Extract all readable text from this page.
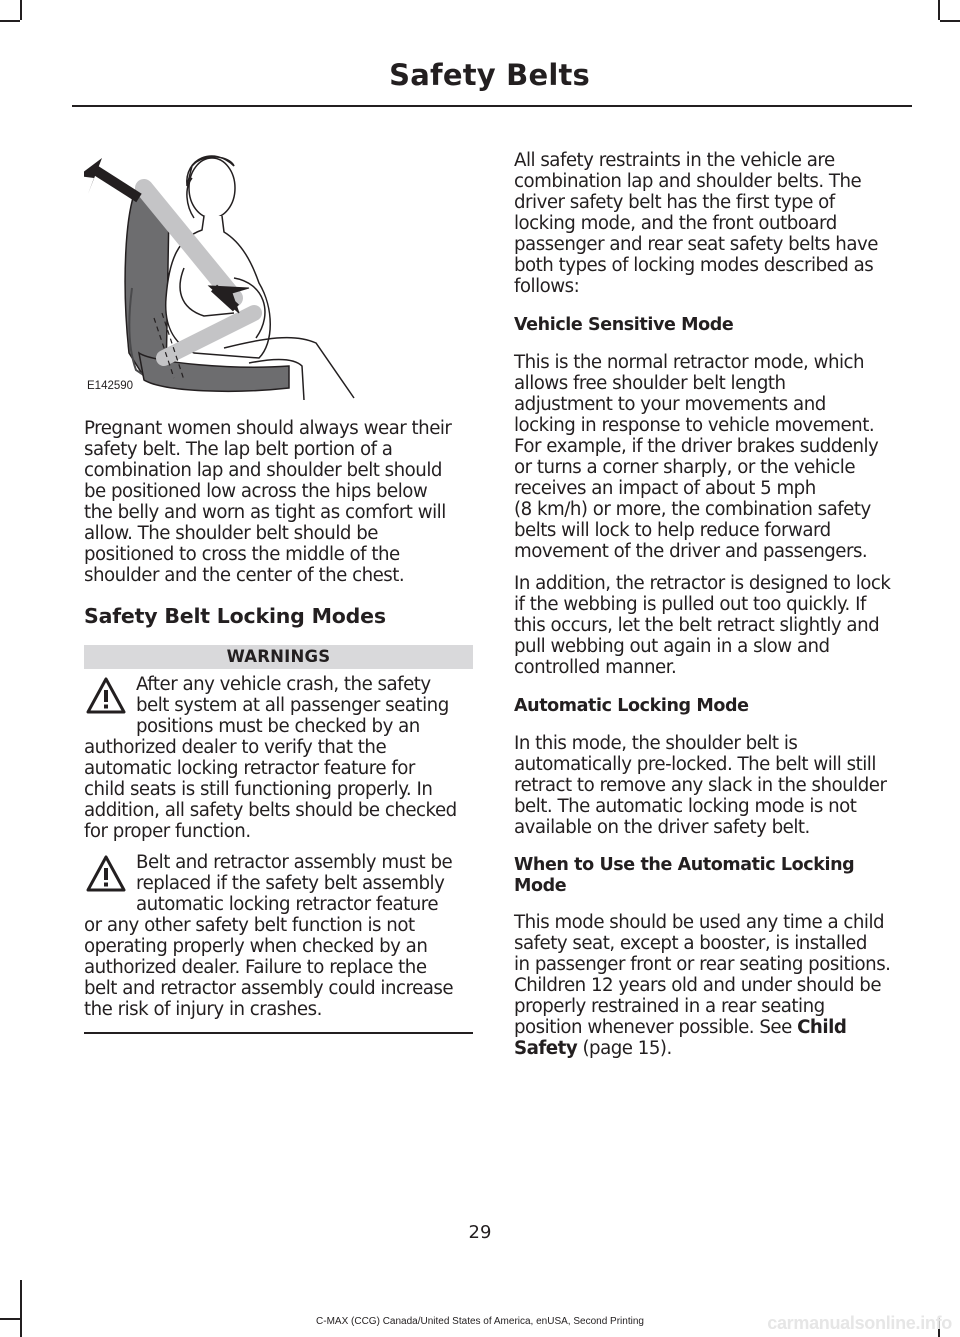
Safety Belts
E142590

Pregnant women should always wear their
safety belt. The lap belt portion of a
combination lap and shoulder belt should
be positioned low across the hips below
the belly and worn as tight as comfort will
allow. The shoulder belt should be
positioned to cross the middle of the
shoulder and the center of the chest.

Safety Belt Locking Modes
WARNINGS
After any vehicle crash, the safety
belt system at all passenger seating
positions must be checked by an
authorized dealer to verify that the
automatic locking retractor feature for
child seats is still functioning properly. In
addition, all safety belts should be checked
for proper function.
Belt and retractor assembly must be
replaced if the safety belt assembly
automatic locking retractor feature
or any other safety belt function is not
operating properly when checked by an
authorized dealer. Failure to replace the
belt and retractor assembly could increase
the risk of injury in crashes.

All safety restraints in the vehicle are
combination lap and shoulder belts. The
driver safety belt has the first type of
locking mode, and the front outboard
passenger and rear seat safety belts have
both types of locking modes described as
follows:

Vehicle Sensitive Mode

This is the normal retractor mode, which
allows free shoulder belt length
adjustment to your movements and
locking in response to vehicle movement.
For example, if the driver brakes suddenly
or turns a corner sharply, or the vehicle
receives an impact of about 5 mph
(8 km/h) or more, the combination safety
belts will lock to help reduce forward
movement of the driver and passengers.

In addition, the retractor is designed to lock
if the webbing is pulled out too quickly. If
this occurs, let the belt retract slightly and
pull webbing out again in a slow and
controlled manner.

Automatic Locking Mode

In this mode, the shoulder belt is
automatically pre-locked. The belt will still
retract to remove any slack in the shoulder
belt. The automatic locking mode is not
available on the driver safety belt.

When to Use the Automatic Locking
Mode

This mode should be used any time a child
safety seat, except a booster, is installed
in passenger front or rear seating positions.
Children 12 years old and under should be
properly restrained in a rear seating
position whenever possible. See Child
Safety (page 15).

29
C-MAX (CCG) Canada/United States of America, enUSA, Second Printing	carmanualsonline.info
